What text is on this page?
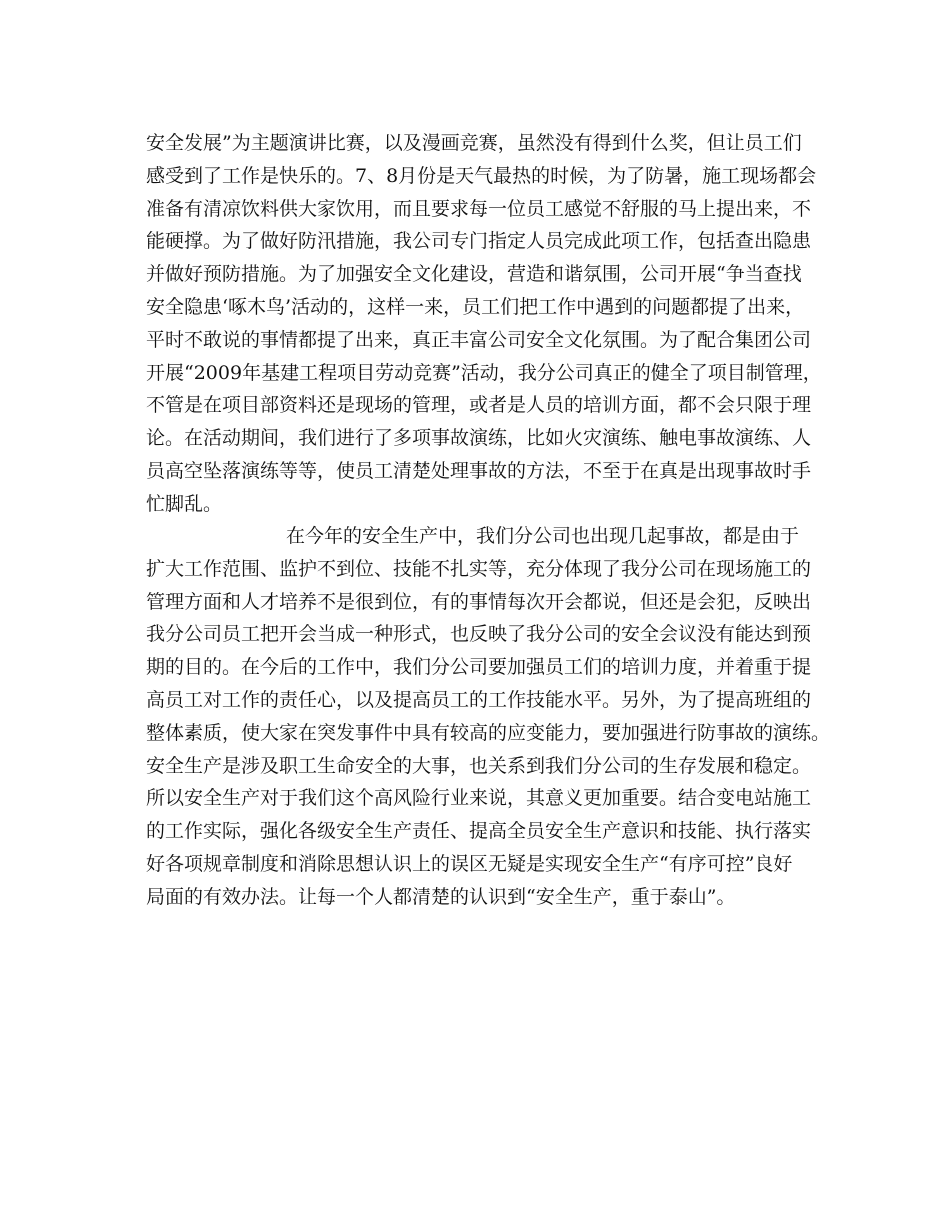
安全发展”为主题演讲比赛，以及漫画竞赛，虽然没有得到什么奖，但让员工们
感受到了工作是快乐的。7、8月份是天气最热的时候，为了防暑，施工现场都会
准备有清凉饮料供大家饮用，而且要求每一位员工感觉不舒服的马上提出来，不
能硬撑。为了做好防汛措施，我公司专门指定人员完成此项工作，包括查出隐患
并做好预防措施。为了加强安全文化建设，营造和谐氛围，公司开展“争当查找
安全隐患‘啄木鸟’活动的，这样一来，员工们把工作中遇到的问题都提了出来，
平时不敢说的事情都提了出来，真正丰富公司安全文化氛围。为了配合集团公司
开展“2009年基建工程项目劳动竞赛”活动，我分公司真正的健全了项目制管理，
不管是在项目部资料还是现场的管理，或者是人员的培训方面，都不会只限于理
论。在活动期间，我们进行了多项事故演练，比如火灾演练、触电事故演练、人
员高空坠落演练等等，使员工清楚处理事故的方法，不至于在真是出现事故时手
忙脚乱。
在今年的安全生产中，我们分公司也出现几起事故，都是由于
扩大工作范围、监护不到位、技能不扎实等，充分体现了我分公司在现场施工的
管理方面和人才培养不是很到位，有的事情每次开会都说，但还是会犯，反映出
我分公司员工把开会当成一种形式，也反映了我分公司的安全会议没有能达到预
期的目的。在今后的工作中，我们分公司要加强员工们的培训力度，并着重于提
高员工对工作的责任心，以及提高员工的工作技能水平。另外，为了提高班组的
整体素质，使大家在突发事件中具有较高的应变能力，要加强进行防事故的演练。
安全生产是涉及职工生命安全的大事，也关系到我们分公司的生存发展和稳定。
所以安全生产对于我们这个高风险行业来说，其意义更加重要。结合变电站施工
的工作实际，强化各级安全生产责任、提高全员安全生产意识和技能、执行落实
好各项规章制度和消除思想认识上的误区无疑是实现安全生产“有序可控”良好
局面的有效办法。让每一个人都清楚的认识到“安全生产，重于泰山”。
